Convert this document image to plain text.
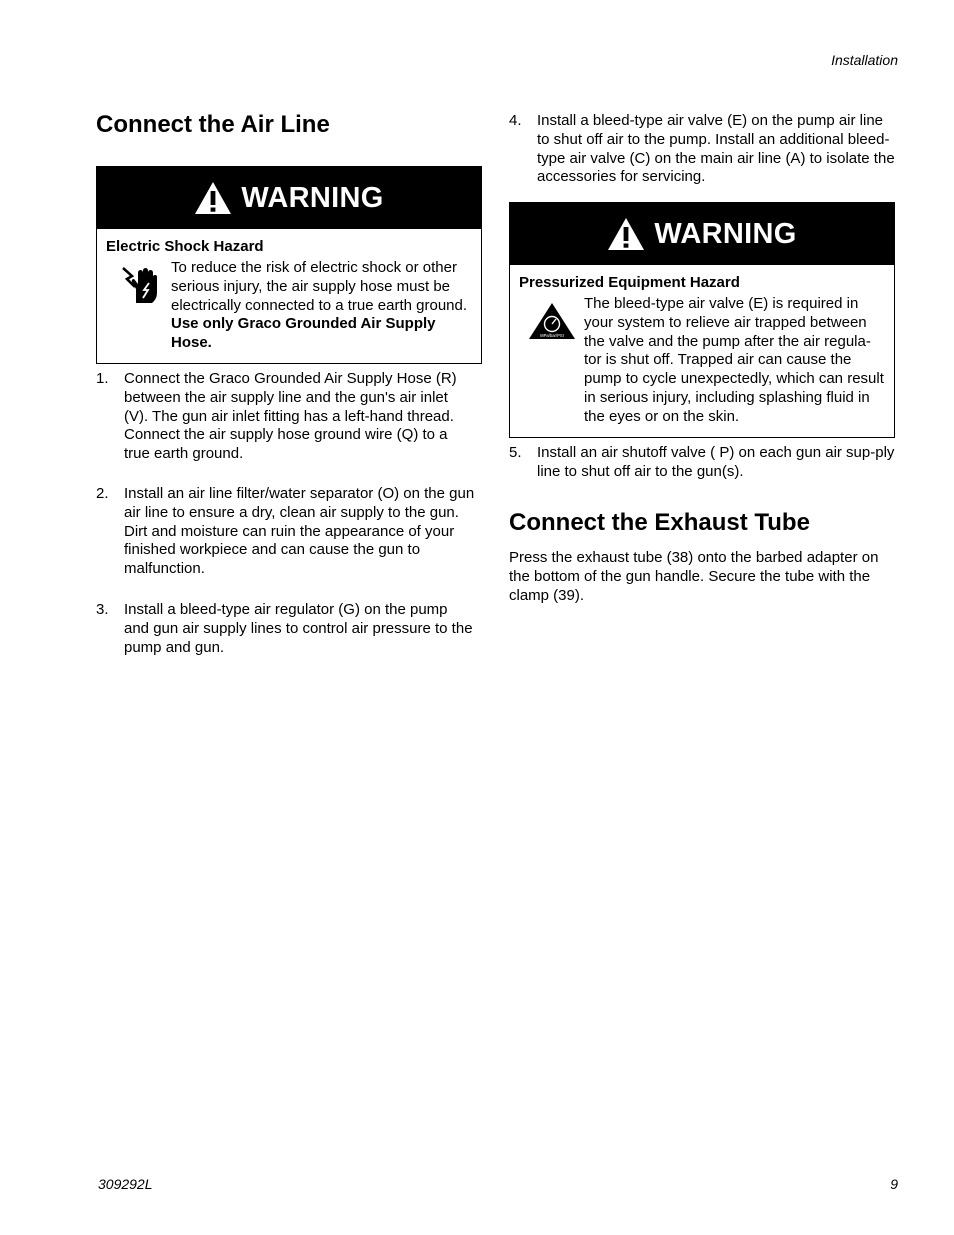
Installation
Connect the Air Line
WARNING
Electric Shock Hazard
To reduce the risk of electric shock or other serious injury, the air supply hose must be electrically connected to a true earth ground. Use only Graco Grounded Air Supply Hose.
1.	Connect the Graco Grounded Air Supply Hose (R) between the air supply line and the gun's air inlet (V). The gun air inlet fitting has a left-hand thread. Connect the air supply hose ground wire (Q) to a true earth ground.
2.	Install an air line filter/water separator (O) on the gun air line to ensure a dry, clean air supply to the gun. Dirt and moisture can ruin the appearance of your finished workpiece and can cause the gun to malfunction.
3.	Install a bleed-type air regulator (G) on the pump and gun air supply lines to control air pressure to the pump and gun.
4.	Install a bleed-type air valve (E) on the pump air line to shut off air to the pump. Install an additional bleed-type air valve (C) on the main air line (A) to isolate the accessories for servicing.
WARNING
Pressurized Equipment Hazard
MPa/bar/PSI
The bleed-type air valve (E) is required in your system to relieve air trapped between the valve and the pump after the air regula-tor is shut off. Trapped air can cause the pump to cycle unexpectedly, which can result in serious injury, including splashing fluid in the eyes or on the skin.
5.	Install an air shutoff valve ( P) on each gun air sup-ply line to shut off air to the gun(s).
Connect the Exhaust Tube
Press the exhaust tube (38) onto the barbed adapter on the bottom of the gun handle. Secure the tube with the clamp (39).
309292L	9
